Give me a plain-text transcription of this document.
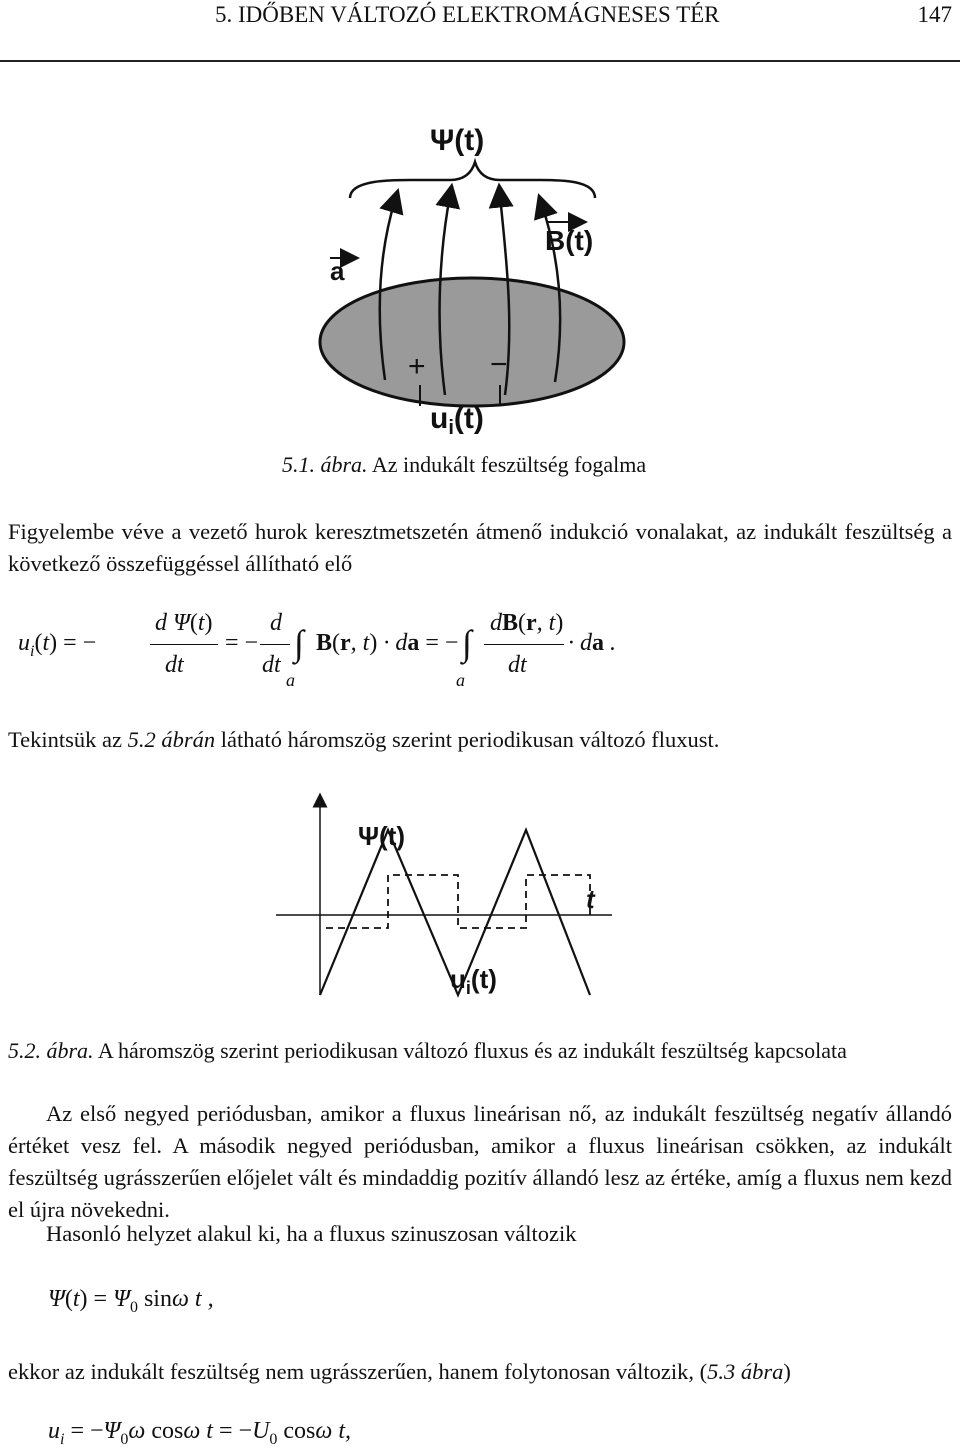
5. IDŐBEN VÁLTOZÓ ELEKTROMÁGNESES TÉR	147
Ψ(t)
a
B(t)
+ −
$u_i(t)$
5.1. ábra. Az indukált feszültség fogalma
Figyelembe véve a vezető hurok keresztmetszetén átmenő indukció vonalakat, az indukált feszültség a következő összefüggéssel állítható elő
$u_i(t)$ = −
d Ψ(t)
dt
= −
d
dt
∫
a
B(r, t) · da = − ∫
a
dB(r, t)
dt
· da .
Tekintsük az 5.2 ábrán látható háromszög szerint periodikusan változó fluxust.
Ψ(t)
t
$u_i(t)$
5.2. ábra. A háromszög szerint periodikusan változó fluxus és az indukált feszültség kapcsolata
Az első negyed periódusban, amikor a fluxus lineárisan nő, az indukált feszültség negatív állandó értéket vesz fel. A második negyed periódusban, amikor a fluxus lineárisan csökken, az indukált feszültség ugrásszerűen előjelet vált és mindaddig pozitív állandó lesz az értéke, amíg a fluxus nem kezd el újra növekedni.
Hasonló helyzet alakul ki, ha a fluxus szinuszosan változik
$\Psi(t) = \Psi_0$ sinω t ,
ekkor az indukált feszültség nem ugrásszerűen, hanem folytonosan változik, (5.3 ábra)
$u_i = -\Psi_0\omega$ cosω $t = -U_0$ cosω t,
